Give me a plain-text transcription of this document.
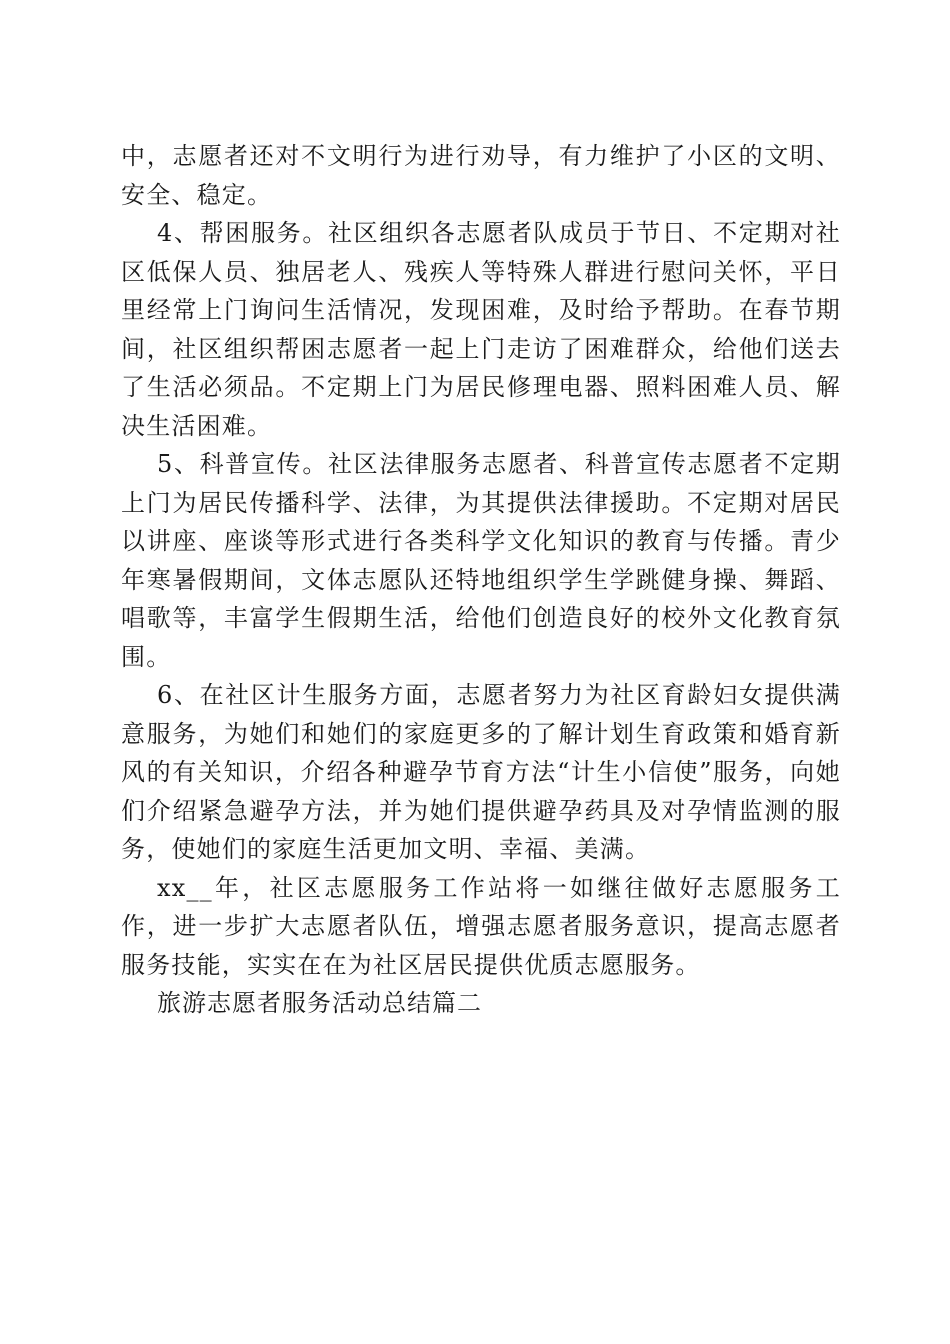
中，志愿者还对不文明行为进行劝导，有力维护了小区的文明、安全、稳定。

4、帮困服务。社区组织各志愿者队成员于节日、不定期对社区低保人员、独居老人、残疾人等特殊人群进行慰问关怀，平日里经常上门询问生活情况，发现困难，及时给予帮助。在春节期间，社区组织帮困志愿者一起上门走访了困难群众，给他们送去了生活必须品。不定期上门为居民修理电器、照料困难人员、解决生活困难。

5、科普宣传。社区法律服务志愿者、科普宣传志愿者不定期上门为居民传播科学、法律，为其提供法律援助。不定期对居民以讲座、座谈等形式进行各类科学文化知识的教育与传播。青少年寒暑假期间，文体志愿队还特地组织学生学跳健身操、舞蹈、唱歌等，丰富学生假期生活，给他们创造良好的校外文化教育氛围。

6、在社区计生服务方面，志愿者努力为社区育龄妇女提供满意服务，为她们和她们的家庭更多的了解计划生育政策和婚育新风的有关知识，介绍各种避孕节育方法“计生小信使”服务，向她们介绍紧急避孕方法，并为她们提供避孕药具及对孕情监测的服务，使她们的家庭生活更加文明、幸福、美满。

xx__年，社区志愿服务工作站将一如继往做好志愿服务工作，进一步扩大志愿者队伍，增强志愿者服务意识，提高志愿者服务技能，实实在在为社区居民提供优质志愿服务。

旅游志愿者服务活动总结篇二
